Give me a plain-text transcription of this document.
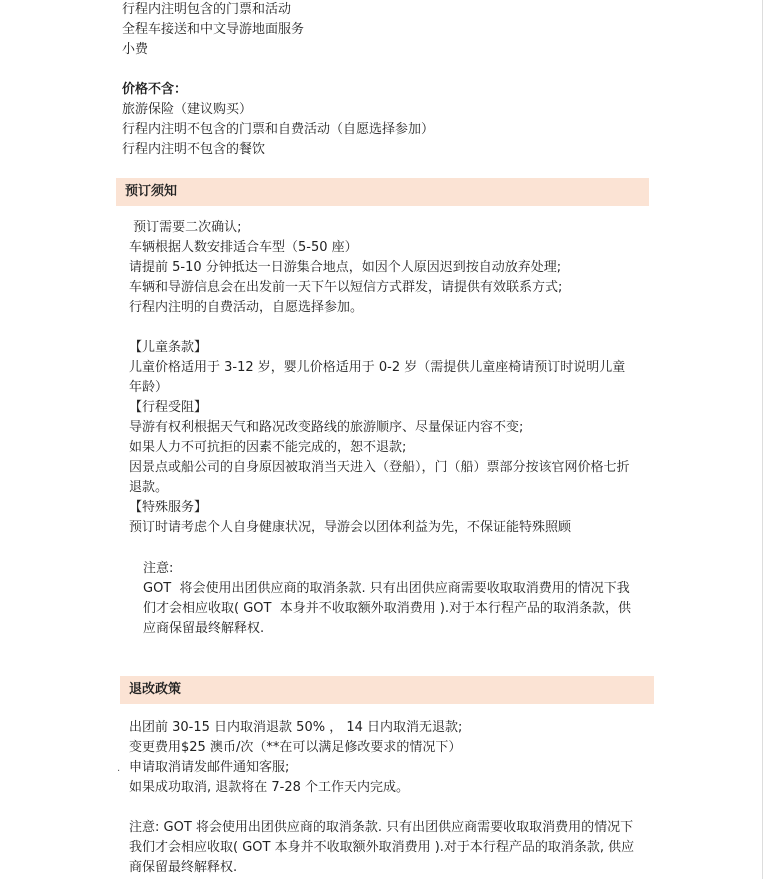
行程内注明包含的门票和活动
全程车接送和中文导游地面服务
小费
价格不含：
旅游保险（建议购买）
行程内注明不包含的门票和自费活动（自愿选择参加）
行程内注明不包含的餐饮
预订须知
预订需要二次确认;
车辆根据人数安排适合车型（5-50 座）
请提前 5-10 分钟抵达一日游集合地点，如因个人原因迟到按自动放弃处理;
车辆和导游信息会在出发前一天下午以短信方式群发，请提供有效联系方式;
行程内注明的自费活动，自愿选择参加。
【儿童条款】
儿童价格适用于 3-12 岁，婴儿价格适用于 0-2 岁（需提供儿童座椅请预订时说明儿童
年龄）
【行程受阻】
导游有权利根据天气和路况改变路线的旅游顺序、尽量保证内容不变;
如果人力不可抗拒的因素不能完成的，恕不退款;
因景点或船公司的自身原因被取消当天进入（登船），门（船）票部分按该官网价格七折
退款。
【特殊服务】
预订时请考虑个人自身健康状况，导游会以团体利益为先，不保证能特殊照顾
注意:
GOT  将会使用出团供应商的取消条款. 只有出团供应商需要收取取消费用的情况下我
们才会相应收取( GOT  本身并不收取额外取消费用 ).对于本行程产品的取消条款，供
应商保留最终解释权.
退改政策
·
出团前 30-15 日内取消退款 50% ， 14 日内取消无退款;
变更费用$25 澳币/次（**在可以满足修改要求的情况下）
申请取消请发邮件通知客服;
如果成功取消, 退款将在 7-28 个工作天内完成。
注意: GOT 将会使用出团供应商的取消条款. 只有出团供应商需要收取取消费用的情况下
我们才会相应收取( GOT 本身并不收取额外取消费用 ).对于本行程产品的取消条款, 供应
商保留最终解释权.
